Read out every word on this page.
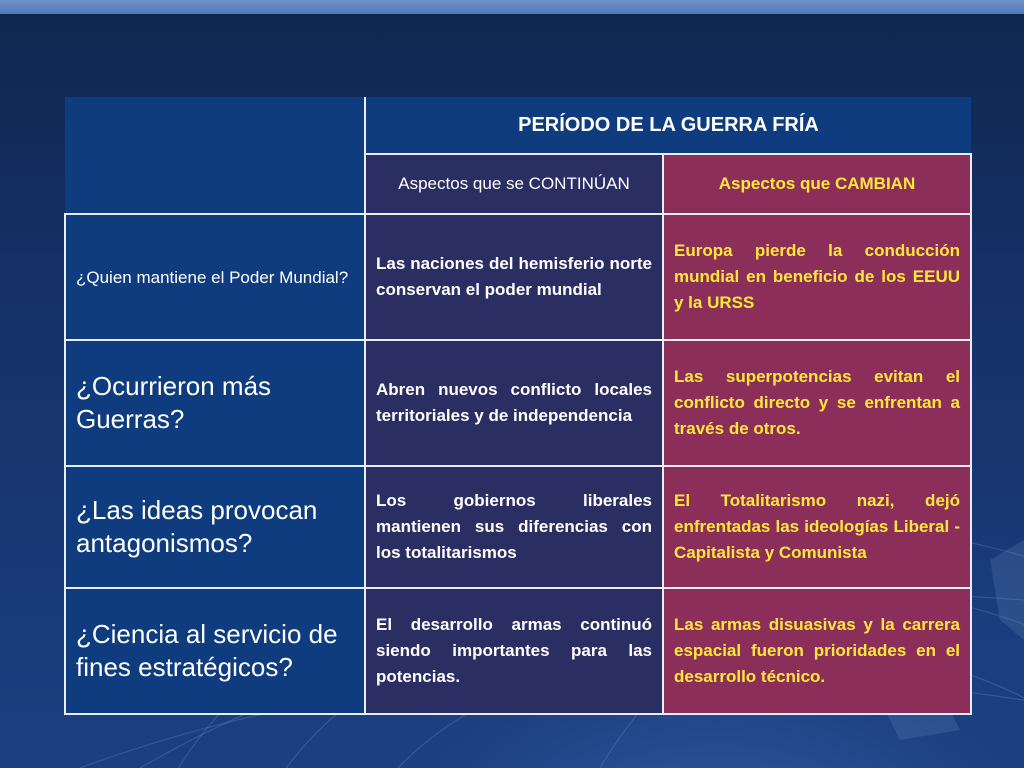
	PERÍODO DE LA GUERRA FRÍA	
	Aspectos que se CONTINÚAN	Aspectos que CAMBIAN
¿Quien mantiene el Poder Mundial?	Las naciones del hemisferio norte conservan el poder mundial	Europa pierde la conducción mundial en beneficio de los EEUU y la URSS
¿Ocurrieron más Guerras?	Abren nuevos conflicto locales territoriales y de independencia	Las superpotencias evitan el conflicto directo y se enfrentan a través de otros.
¿Las ideas provocan antagonismos?	Los gobiernos liberales mantienen sus diferencias con los totalitarismos	El Totalitarismo nazi, dejó enfrentadas las ideologías Liberal - Capitalista y Comunista
¿Ciencia al servicio de fines estratégicos?	El desarrollo armas continuó siendo importantes para las potencias.	Las armas disuasivas y la carrera espacial fueron prioridades en el desarrollo técnico.
